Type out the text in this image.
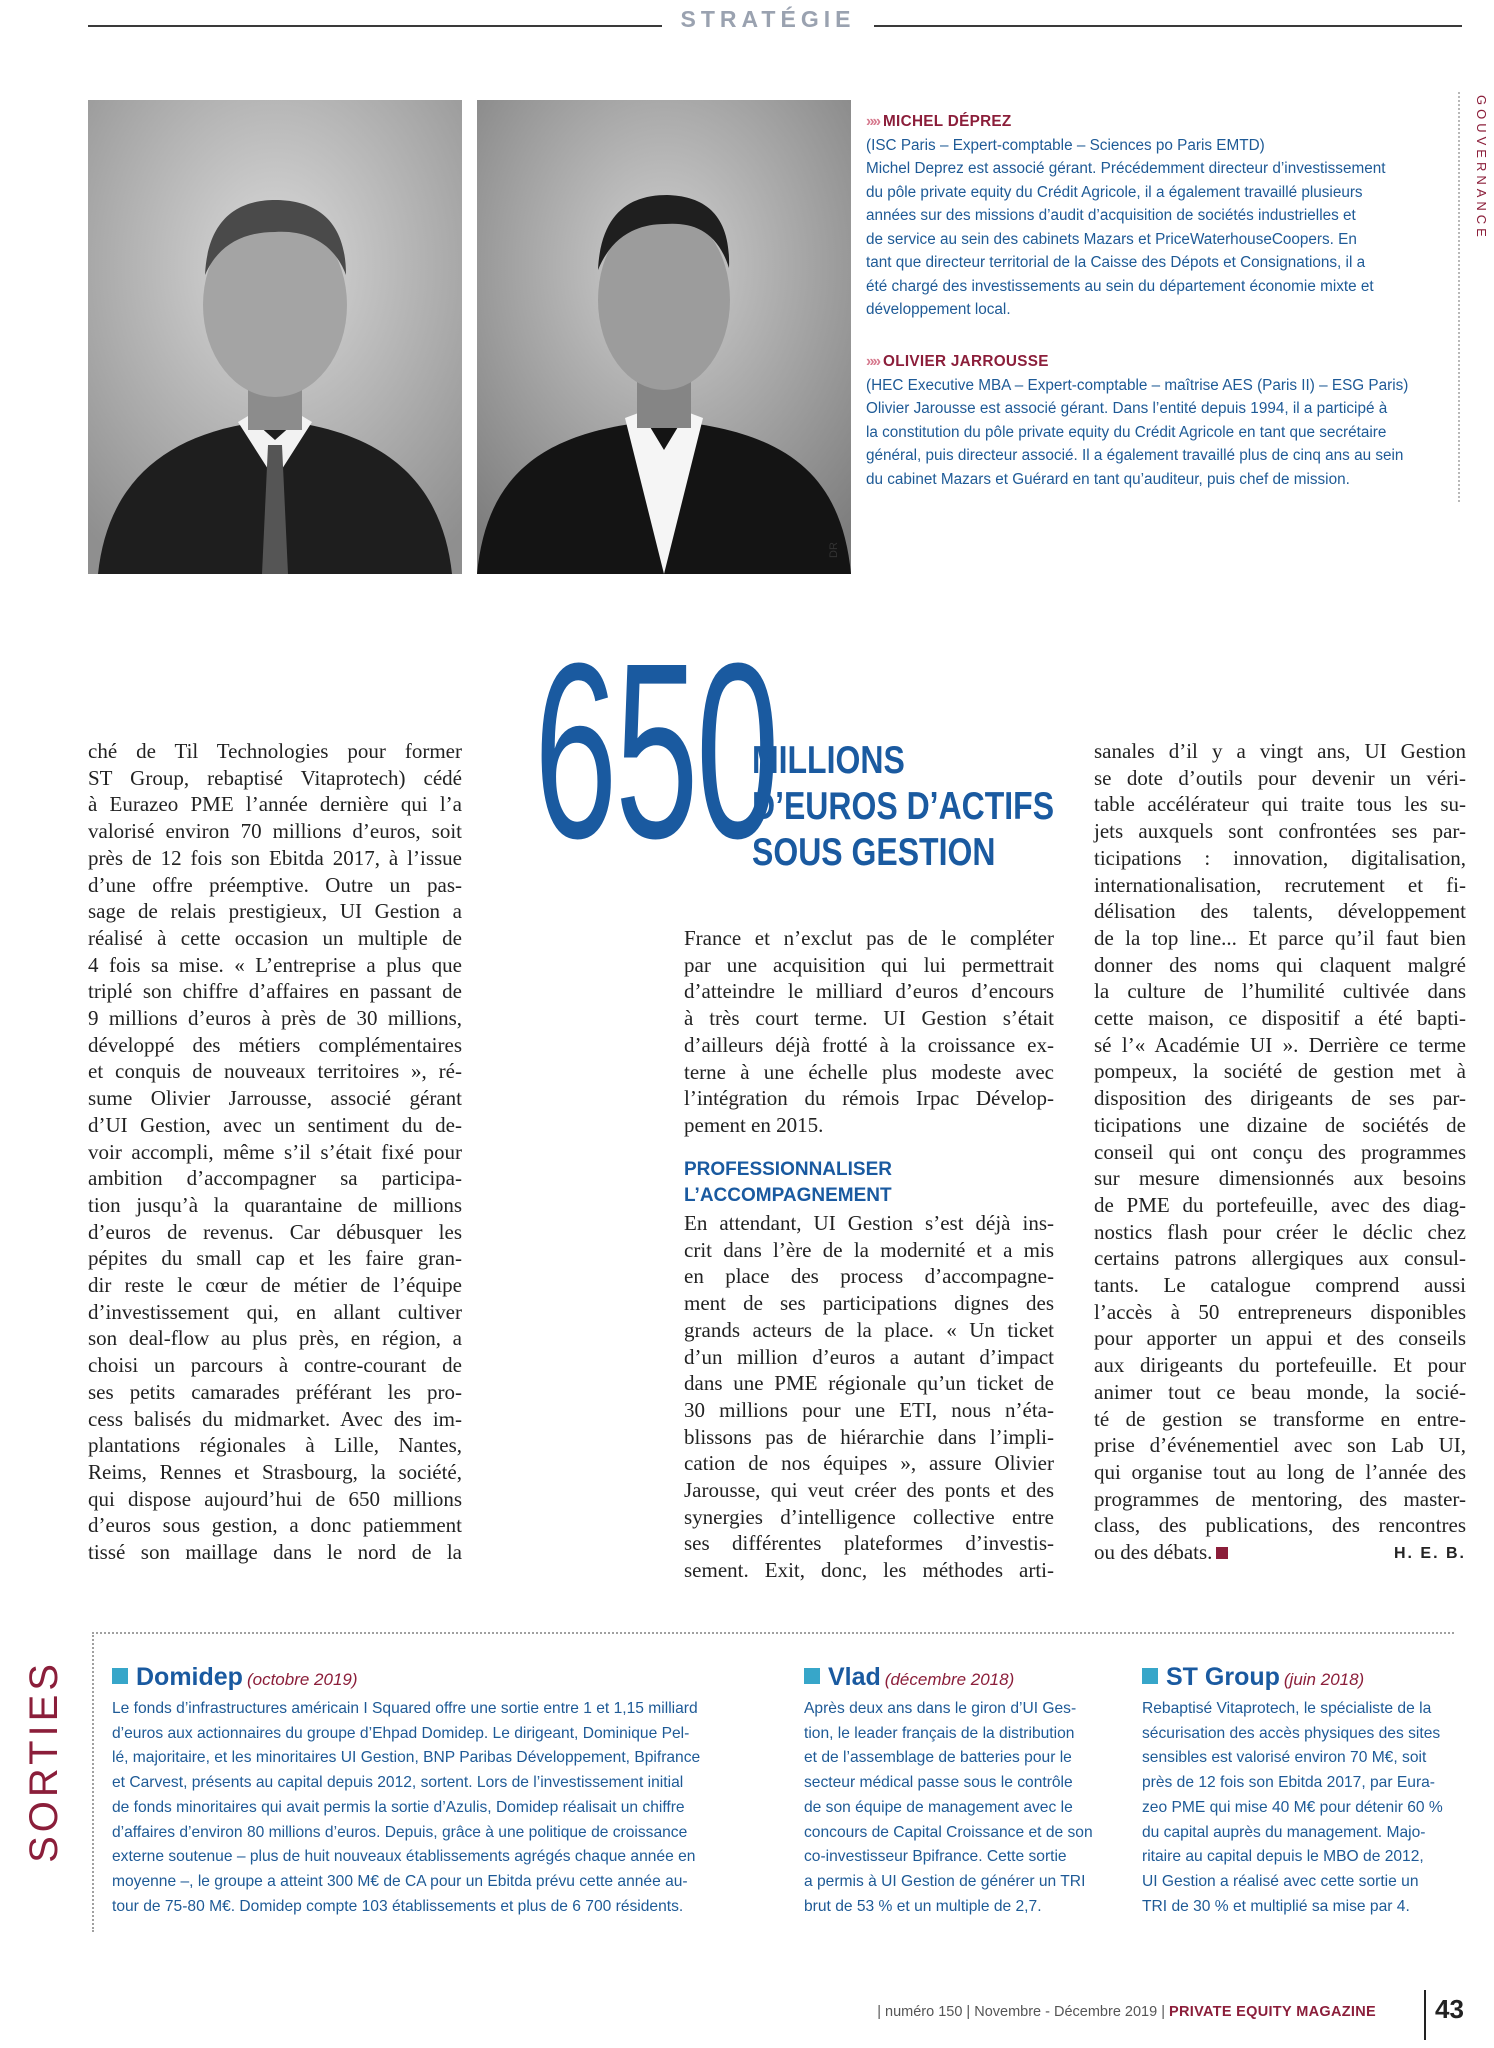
STRATÉGIE
DR
»» MICHEL DÉPREZ

(ISC Paris – Expert-comptable – Sciences po Paris EMTD)

Michel Deprez est associé gérant. Précédemment directeur d’investissement

du pôle private equity du Crédit Agricole, il a également travaillé plusieurs

années sur des missions d’audit d’acquisition de sociétés industrielles et

de service au sein des cabinets Mazars et PriceWaterhouseCoopers. En

tant que directeur territorial de la Caisse des Dépots et Consignations, il a

été chargé des investissements au sein du département économie mixte et

développement local.

»» OLIVIER JARROUSSE

(HEC Executive MBA – Expert-comptable – maîtrise AES (Paris II) – ESG Paris)

Olivier Jarousse est associé gérant. Dans l’entité depuis 1994, il a participé à

la constitution du pôle private equity du Crédit Agricole en tant que secrétaire

général, puis directeur associé. Il a également travaillé plus de cinq ans au sein

du cabinet Mazars et Guérard en tant qu’auditeur, puis chef de mission.

GOUVERNANCE
650
MILLIONS
D’EUROS D’ACTIFS
SOUS GESTION

ché de Til Technologies pour former

ST Group, rebaptisé Vitaprotech) cédé

à Eurazeo PME l’année dernière qui l’a

valorisé environ 70 millions d’euros, soit

près de 12 fois son Ebitda 2017, à l’issue

d’une offre préemptive. Outre un pas-

sage de relais prestigieux, UI Gestion a

réalisé à cette occasion un multiple de

4 fois sa mise. « L’entreprise a plus que

triplé son chiffre d’affaires en passant de

9 millions d’euros à près de 30 millions,

développé des métiers complémentaires

et conquis de nouveaux territoires », ré-

sume Olivier Jarrousse, associé gérant

d’UI Gestion, avec un sentiment du de-

voir accompli, même s’il s’était fixé pour

ambition d’accompagner sa participa-

tion jusqu’à la quarantaine de millions

d’euros de revenus. Car débusquer les

pépites du small cap et les faire gran-

dir reste le cœur de métier de l’équipe

d’investissement qui, en allant cultiver

son deal-flow au plus près, en région, a

choisi un parcours à contre-courant de

ses petits camarades préférant les pro-

cess balisés du midmarket. Avec des im-

plantations régionales à Lille, Nantes,

Reims, Rennes et Strasbourg, la société,

qui dispose aujourd’hui de 650 millions

d’euros sous gestion, a donc patiemment

tissé son maillage dans le nord de la

France et n’exclut pas de le compléter

par une acquisition qui lui permettrait

d’atteindre le milliard d’euros d’encours

à très court terme. UI Gestion s’était

d’ailleurs déjà frotté à la croissance ex-

terne à une échelle plus modeste avec

l’intégration du rémois Irpac Dévelop-

pement en 2015.

PROFESSIONNALISER L’ACCOMPAGNEMENT

En attendant, UI Gestion s’est déjà ins-

crit dans l’ère de la modernité et a mis

en place des process d’accompagne-

ment de ses participations dignes des

grands acteurs de la place. « Un ticket

d’un million d’euros a autant d’impact

dans une PME régionale qu’un ticket de

30 millions pour une ETI, nous n’éta-

blissons pas de hiérarchie dans l’impli-

cation de nos équipes », assure Olivier

Jarousse, qui veut créer des ponts et des

synergies d’intelligence collective entre

ses différentes plateformes d’investis-

sement. Exit, donc, les méthodes arti-

sanales d’il y a vingt ans, UI Gestion

se dote d’outils pour devenir un véri-

table accélérateur qui traite tous les su-

jets auxquels sont confrontées ses par-

ticipations : innovation, digitalisation,

internationalisation, recrutement et fi-

délisation des talents, développement

de la top line... Et parce qu’il faut bien

donner des noms qui claquent malgré

la culture de l’humilité cultivée dans

cette maison, ce dispositif a été bapti-

sé l’« Académie UI ». Derrière ce terme

pompeux, la société de gestion met à

disposition des dirigeants de ses par-

ticipations une dizaine de sociétés de

conseil qui ont conçu des programmes

sur mesure dimensionnés aux besoins

de PME du portefeuille, avec des diag-

nostics flash pour créer le déclic chez

certains patrons allergiques aux consul-

tants. Le catalogue comprend aussi

l’accès à 50 entrepreneurs disponibles

pour apporter un appui et des conseils

aux dirigeants du portefeuille. Et pour

animer tout ce beau monde, la socié-

té de gestion se transforme en entre-

prise d’événementiel avec son Lab UI,

qui organise tout au long de l’année des

programmes de mentoring, des master-

class, des publications, des rencontres

ou des débats.	H. E. B.

SORTIES	Domidep (octobre 2019)

Le fonds d’infrastructures américain I Squared offre une sortie entre 1 et 1,15 milliard

d’euros aux actionnaires du groupe d’Ehpad Domidep. Le dirigeant, Dominique Pel-

lé, majoritaire, et les minoritaires UI Gestion, BNP Paribas Développement, Bpifrance

et Carvest, présents au capital depuis 2012, sortent. Lors de l’investissement initial

de fonds minoritaires qui avait permis la sortie d’Azulis, Domidep réalisait un chiffre

d’affaires d’environ 80 millions d’euros. Depuis, grâce à une politique de croissance

externe soutenue – plus de huit nouveaux établissements agrégés chaque année en

moyenne –, le groupe a atteint 300 M€ de CA pour un Ebitda prévu cette année au-

tour de 75-80 M€. Domidep compte 103 établissements et plus de 6 700 résidents.

Vlad (décembre 2018)

Après deux ans dans le giron d’UI Ges-

tion, le leader français de la distribution

et de l’assemblage de batteries pour le

secteur médical passe sous le contrôle

de son équipe de management avec le

concours de Capital Croissance et de son

co-investisseur Bpifrance. Cette sortie

a permis à UI Gestion de générer un TRI

brut de 53 % et un multiple de 2,7.

ST Group (juin 2018)

Rebaptisé Vitaprotech, le spécialiste de la

sécurisation des accès physiques des sites

sensibles est valorisé environ 70 M€, soit

près de 12 fois son Ebitda 2017, par Eura-

zeo PME qui mise 40 M€ pour détenir 60 %

du capital auprès du management. Majo-

ritaire au capital depuis le MBO de 2012,

UI Gestion a réalisé avec cette sortie un

TRI de 30 % et multiplié sa mise par 4.

| numéro 150 | Novembre - Décembre 2019 | PRIVATE EQUITY MAGAZINE 43
